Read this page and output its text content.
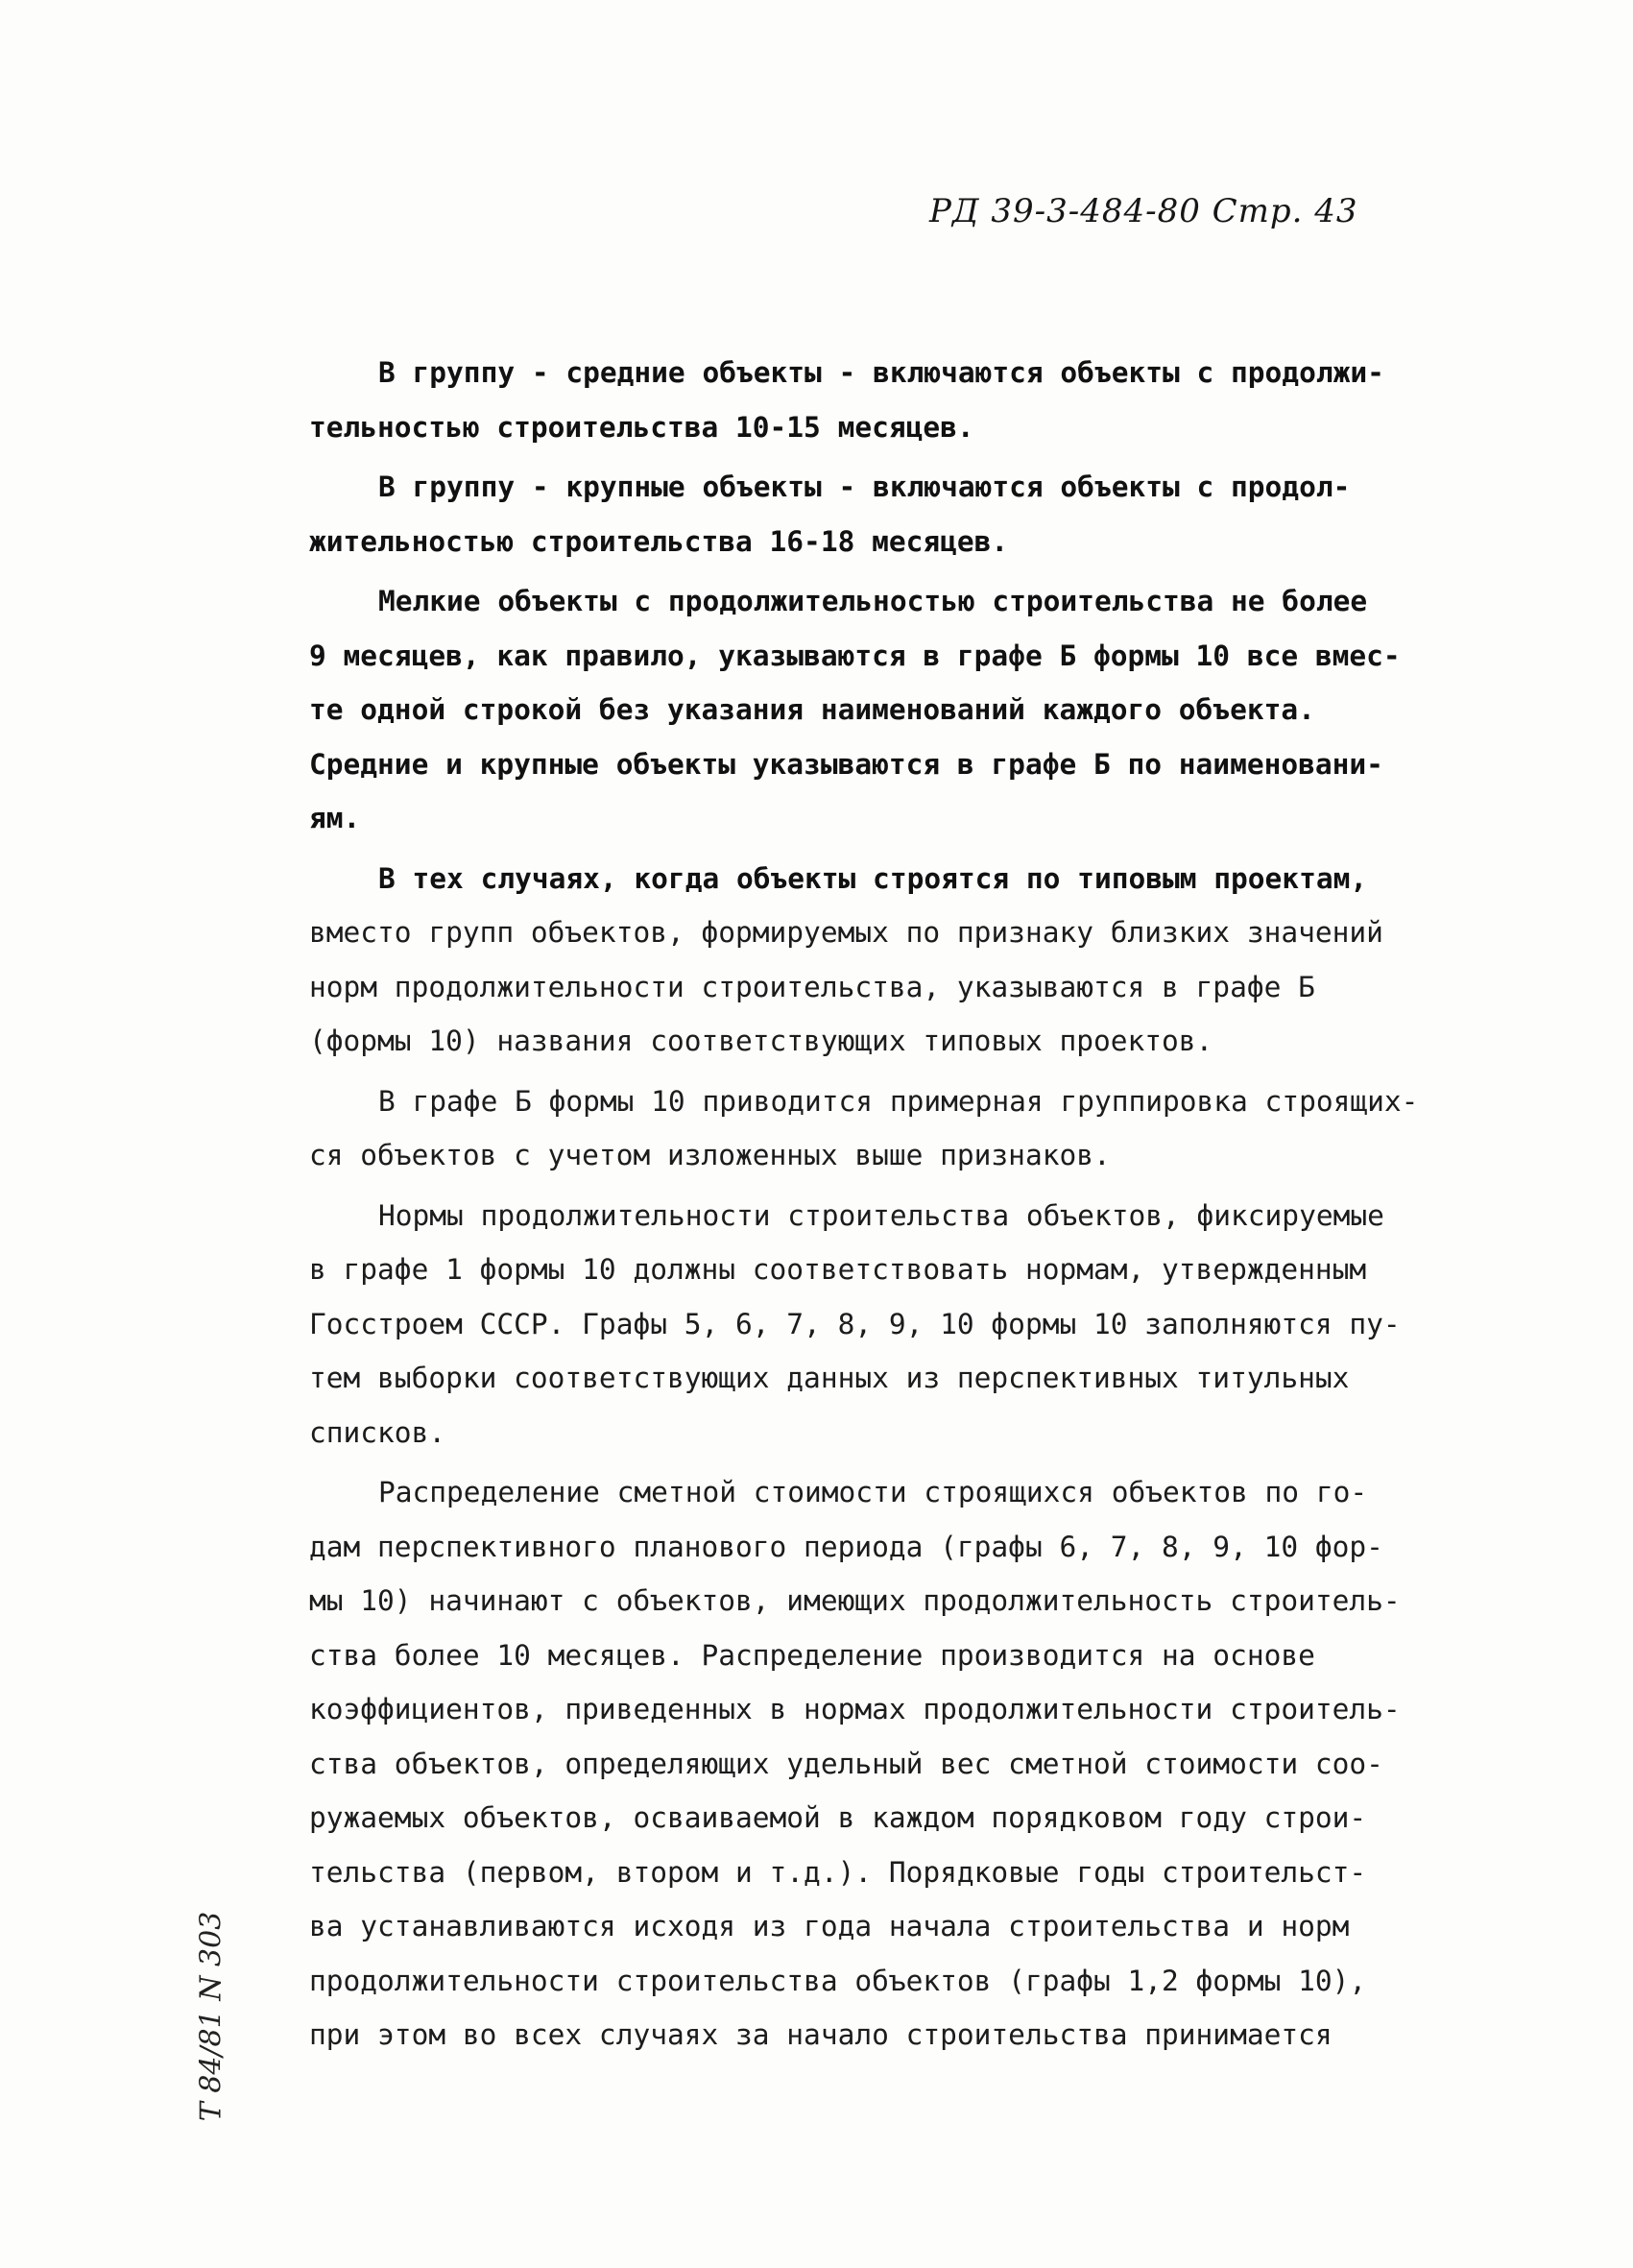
РД 39-3-484-80 Стр. 43
В группу - средние объекты - включаются объекты с продолжи-
тельностью строительства 10-15 месяцев.
В группу - крупные объекты - включаются объекты с продол-
жительностью строительства 16-18 месяцев.
Мелкие объекты с продолжительностью строительства не более
9 месяцев, как правило, указываются в графе Б формы 10 все вмес-
те одной строкой без указания наименований каждого объекта.
Средние и крупные объекты указываются в графе Б по наименовани-
ям.
В тех случаях, когда объекты строятся по типовым проектам,
вместо групп объектов, формируемых по признаку близких значений
норм продолжительности строительства, указываются в графе Б
(формы 10) названия соответствующих типовых проектов.
В графе Б формы 10 приводится примерная группировка строящих-
ся объектов с учетом изложенных выше признаков.
Нормы продолжительности строительства объектов, фиксируемые
в графе 1 формы 10 должны соответствовать нормам, утвержденным
Госстроем СССР. Графы 5, 6, 7, 8, 9, 10 формы 10 заполняются пу-
тем выборки соответствующих данных из перспективных титульных
списков.
Распределение сметной стоимости строящихся объектов по го-
дам перспективного планового периода (графы 6, 7, 8, 9, 10 фор-
мы 10) начинают с объектов, имеющих продолжительность строитель-
ства более 10 месяцев. Распределение производится на основе
коэффициентов, приведенных в нормах продолжительности строитель-
ства объектов, определяющих удельный вес сметной стоимости соо-
ружаемых объектов, осваиваемой в каждом порядковом году строи-
тельства (первом, втором и т.д.). Порядковые годы строительст-
ва устанавливаются исходя из года начала строительства и норм
продолжительности строительства объектов (графы 1,2 формы 10),
при этом во всех случаях за начало строительства принимается
Т 84/81 N 303
